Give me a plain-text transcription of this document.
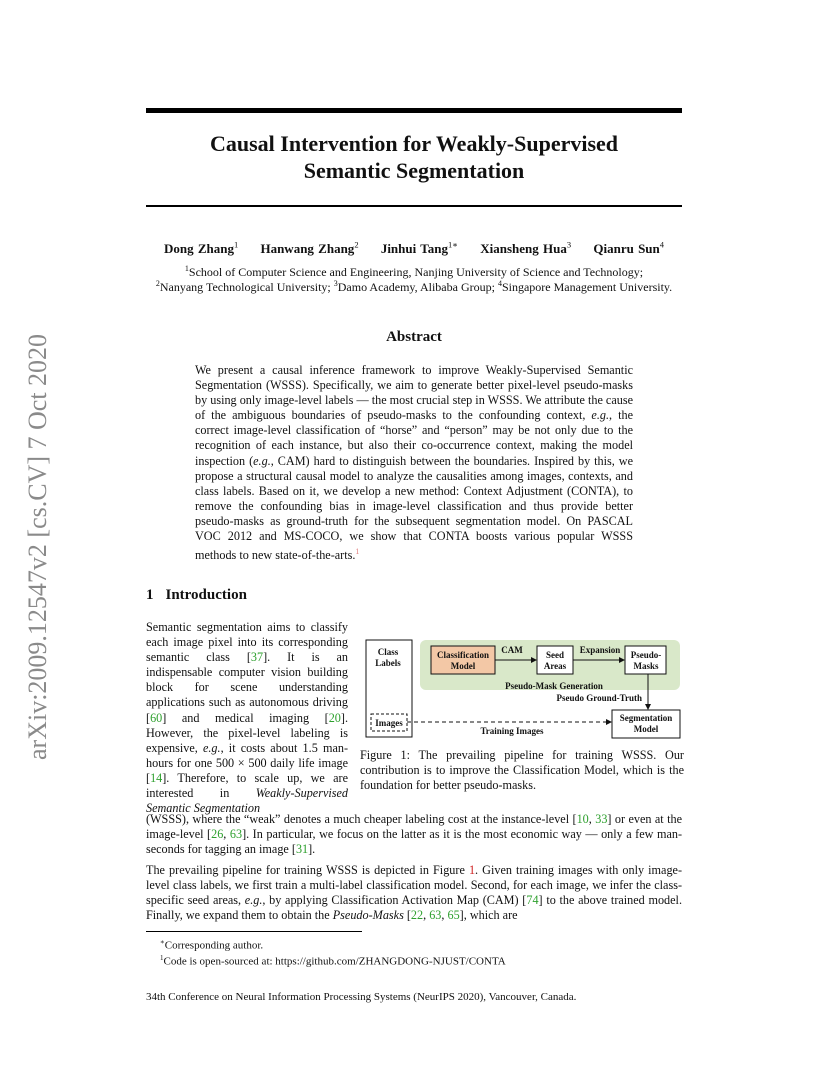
arXiv:2009.12547v2 [cs.CV] 7 Oct 2020
Causal Intervention for Weakly-Supervised
Semantic Segmentation
Dong Zhang$^1$ Hanwang Zhang$^2$ Jinhui Tang$^{1∗}$ Xiansheng Hua$^3$ Qianru Sun$^4$
$^1$School of Computer Science and Engineering, Nanjing University of Science and Technology;
$^2$Nanyang Technological University; $^3$Damo Academy, Alibaba Group; $^4$Singapore Management University.
Abstract
We present a causal inference framework to improve Weakly-Supervised Semantic Segmentation (WSSS). Specifically, we aim to generate better pixel-level pseudo-masks by using only image-level labels — the most crucial step in WSSS. We attribute the cause of the ambiguous boundaries of pseudo-masks to the confounding context, e.g., the correct image-level classification of “horse” and “person” may be not only due to the recognition of each instance, but also their co-occurrence context, making the model inspection (e.g., CAM) hard to distinguish between the boundaries. Inspired by this, we propose a structural causal model to analyze the causalities among images, contexts, and class labels. Based on it, we develop a new method: Context Adjustment (CONTA), to remove the confounding bias in image-level classification and thus provide better pseudo-masks as ground-truth for the subsequent segmentation model. On PASCAL VOC 2012 and MS-COCO, we show that CONTA boosts various popular WSSS methods to new state-of-the-arts.$^1$
1 Introduction
Semantic segmentation aims to classify each image pixel into its corresponding semantic class [37]. It is an indispensable computer vision building block for scene understanding applications such as autonomous driving [60] and medical imaging [20]. However, the pixel-level labeling is expensive, e.g., it costs about 1.5 man-hours for one 500 × 500 daily life image [14]. Therefore, to scale up, we are interested in Weakly-Supervised Semantic Segmentation
Classification
Model
CAM	Seed
Areas
Expansion Pseudo-
Masks
Pseudo-Mask Generation
Class
Labels
Images
Pseudo Ground-Truth
Training Images
Segmentation
Model
Figure 1: The prevailing pipeline for training WSSS. Our contribution is to improve the Classification Model, which is the foundation for better pseudo-masks.
(WSSS), where the “weak” denotes a much cheaper labeling cost at the instance-level [10, 33] or even at the image-level [26, 63]. In particular, we focus on the latter as it is the most economic way — only a few man-seconds for tagging an image [31].
The prevailing pipeline for training WSSS is depicted in Figure 1. Given training images with only image-level class labels, we first train a multi-label classification model. Second, for each image, we infer the class-specific seed areas, e.g., by applying Classification Activation Map (CAM) [74] to the above trained model. Finally, we expand them to obtain the Pseudo-Masks [22, 63, 65], which are
∗Corresponding author.
$^1$Code is open-sourced at: https://github.com/ZHANGDONG-NJUST/CONTA
34th Conference on Neural Information Processing Systems (NeurIPS 2020), Vancouver, Canada.
